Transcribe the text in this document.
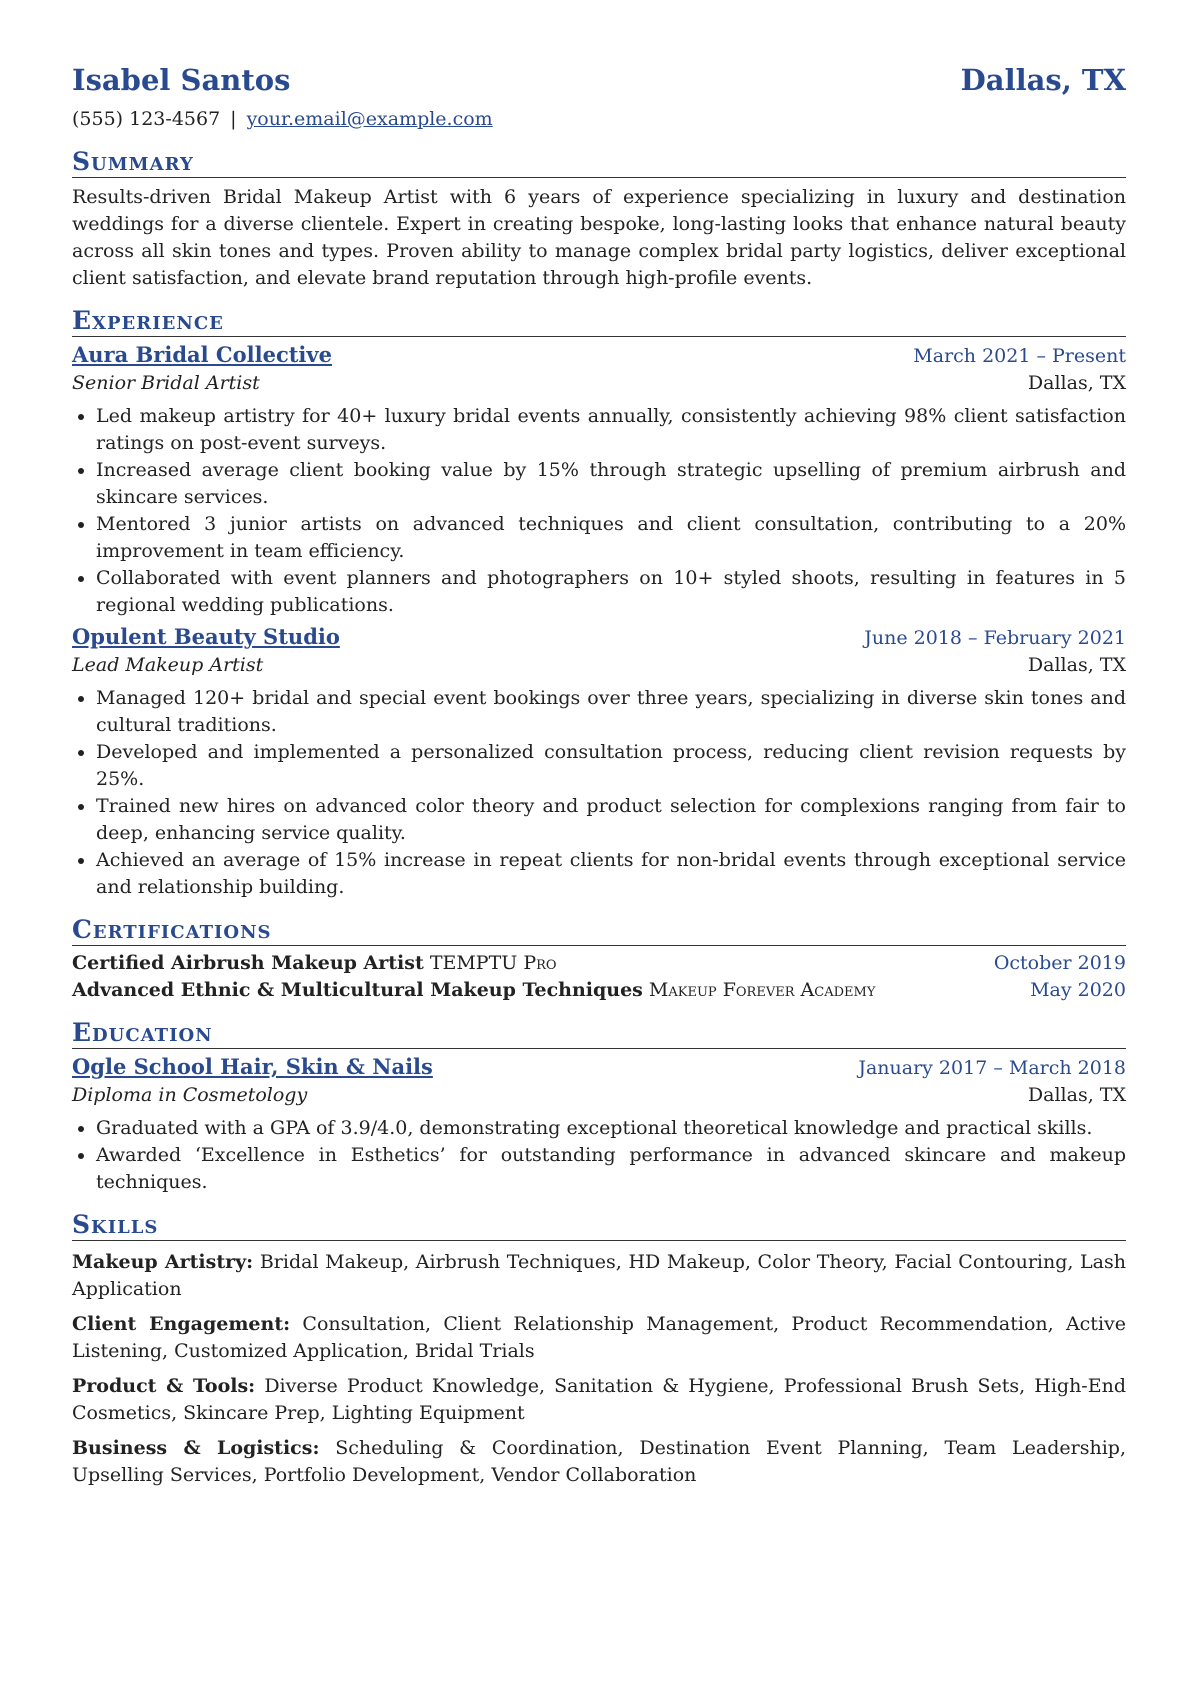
Isabel Santos	Dallas, TX
(555) 123-4567 | your.email@example.com
Summary
Results-driven Bridal Makeup Artist with 6 years of experience specializing in luxury and destination weddings for a diverse clientele. Expert in creating bespoke, long-lasting looks that enhance natural beauty across all skin tones and types. Proven ability to manage complex bridal party logistics, deliver exceptional client satisfaction, and elevate brand reputation through high-profile events.
Experience
Aura Bridal Collective	March 2021 – Present
Senior Bridal Artist	Dallas, TX
• Led makeup artistry for 40+ luxury bridal events annually, consistently achieving 98% client satisfaction ratings on post-event surveys.
• Increased average client booking value by 15% through strategic upselling of premium airbrush and skincare services.
• Mentored 3 junior artists on advanced techniques and client consultation, contributing to a 20% improvement in team efficiency.
• Collaborated with event planners and photographers on 10+ styled shoots, resulting in features in 5 regional wedding publications.
Opulent Beauty Studio	June 2018 – February 2021
Lead Makeup Artist	Dallas, TX
• Managed 120+ bridal and special event bookings over three years, specializing in diverse skin tones and cultural traditions.
• Developed and implemented a personalized consultation process, reducing client revision requests by 25%.
• Trained new hires on advanced color theory and product selection for complexions ranging from fair to deep, enhancing service quality.
• Achieved an average of 15% increase in repeat clients for non-bridal events through exceptional service and relationship building.
Certifications
Certified Airbrush Makeup Artist TEMPTU Pro	October 2019
Advanced Ethnic & Multicultural Makeup Techniques Makeup Forever Academy	May 2020
Education
Ogle School Hair, Skin & Nails	January 2017 – March 2018
Diploma in Cosmetology	Dallas, TX
• Graduated with a GPA of 3.9/4.0, demonstrating exceptional theoretical knowledge and practical skills.
• Awarded ‘Excellence in Esthetics’ for outstanding performance in advanced skincare and makeup techniques.
Skills
Makeup Artistry: Bridal Makeup, Airbrush Techniques, HD Makeup, Color Theory, Facial Contouring, Lash Application
Client Engagement: Consultation, Client Relationship Management, Product Recommendation, Active Listening, Customized Application, Bridal Trials
Product & Tools: Diverse Product Knowledge, Sanitation & Hygiene, Professional Brush Sets, High-End Cosmetics, Skincare Prep, Lighting Equipment
Business & Logistics: Scheduling & Coordination, Destination Event Planning, Team Leadership, Upselling Services, Portfolio Development, Vendor Collaboration
